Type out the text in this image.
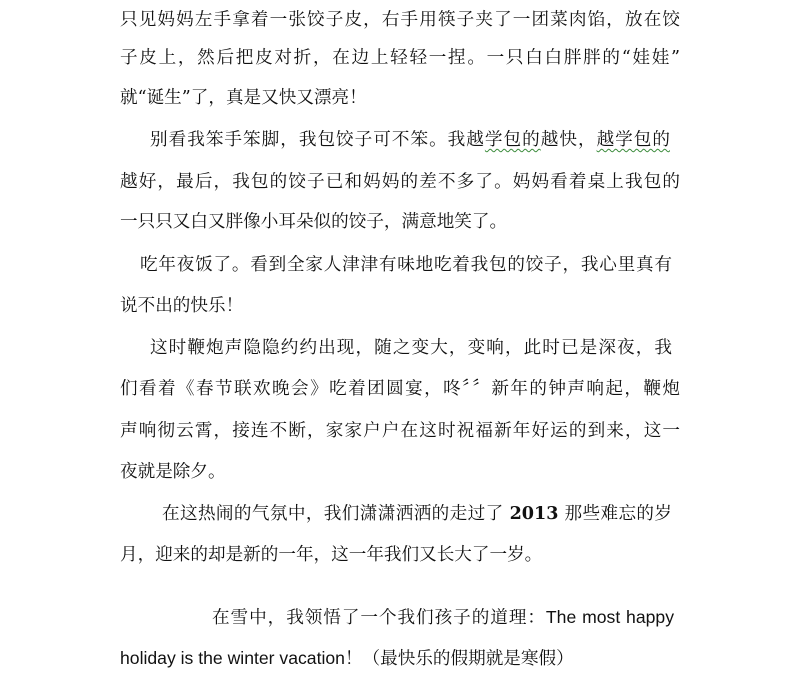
只见妈妈左手拿着一张饺子皮，右手用筷子夹了一团菜肉馅，放在饺
子皮上，然后把皮对折，在边上轻轻一捏。一只白白胖胖的“娃娃”
就“诞生”了，真是又快又漂亮！
别看我笨手笨脚，我包饺子可不笨。我越学包的越快，越学包的
越好，最后，我包的饺子已和妈妈的差不多了。妈妈看着桌上我包的
一只只又白又胖像小耳朵似的饺子，满意地笑了。
吃年夜饭了。看到全家人津津有味地吃着我包的饺子，我心里真有
说不出的快乐！
这时鞭炮声隐隐约约出现，随之变大，变响，此时已是深夜，我
们看着《春节联欢晚会》吃着团圆宴，咚〞〞新年的钟声响起，鞭炮
声响彻云霄，接连不断，家家户户在这时祝福新年好运的到来，这一
夜就是除夕。
在这热闹的气氛中，我们潇潇洒洒的走过了 2013 那些难忘的岁
月，迎来的却是新的一年，这一年我们又长大了一岁。
在雪中，我领悟了一个我们孩子的道理：The most happy
holiday is the winter vacation！（最快乐的假期就是寒假）
